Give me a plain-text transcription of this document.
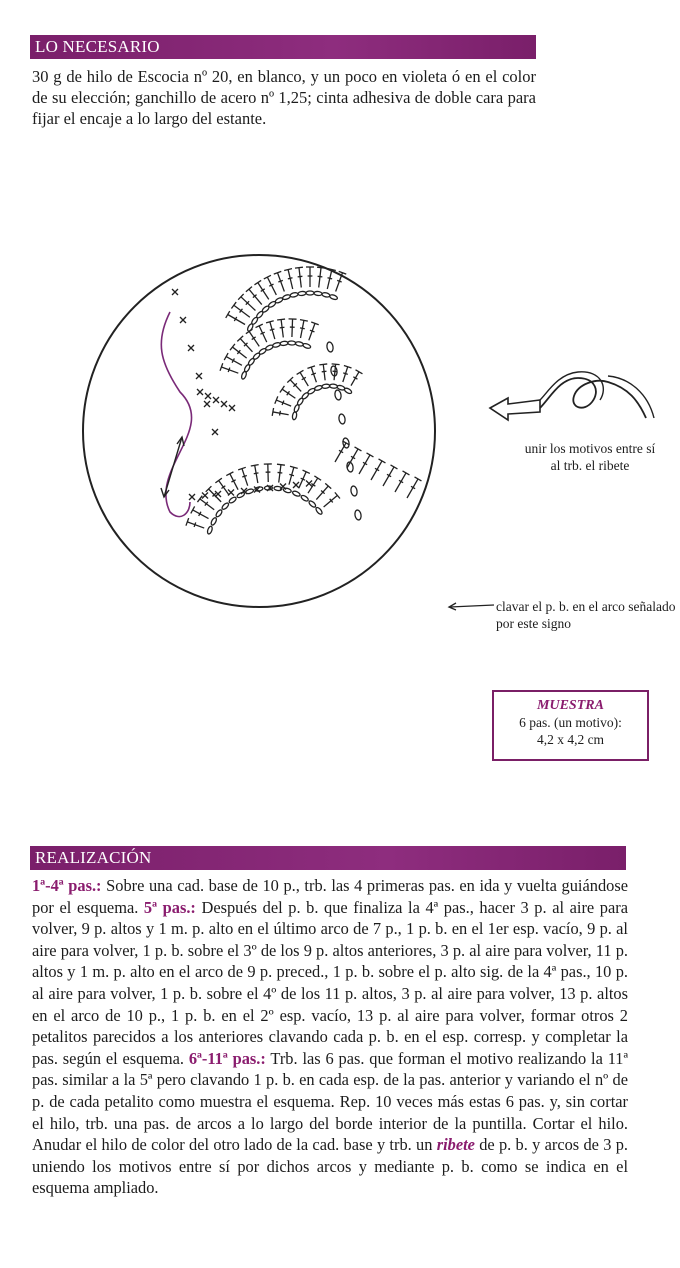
LO NECESARIO

30 g de hilo de Escocia nº 20, en blanco, y un poco en violeta ó en el color de su elección; ganchillo de acero nº 1,25; cinta adhesiva de doble cara para fijar el encaje a lo largo del estante.

unir los motivos entre sí al trb. el ribete
clavar el p. b. en el arco señalado por este signo
MUESTRA
6 pas. (un motivo):
4,2 x 4,2 cm
REALIZACIÓN

1ª-4ª pas.: Sobre una cad. base de 10 p., trb. las 4 primeras pas. en ida y vuelta guiándose por el esquema. 5ª pas.: Después del p. b. que finaliza la 4ª pas., hacer 3 p. al aire para volver, 9 p. altos y 1 m. p. alto en el último arco de 7 p., 1 p. b. en el 1er esp. vacío, 9 p. al aire para volver, 1 p. b. sobre el 3º de los 9 p. altos anteriores, 3 p. al aire para volver, 11 p. altos y 1 m. p. alto en el arco de 9 p. preced., 1 p. b. sobre el p. alto sig. de la 4ª pas., 10 p. al aire para volver, 1 p. b. sobre el 4º de los 11 p. altos, 3 p. al aire para volver, 13 p. altos en el arco de 10 p., 1 p. b. en el 2º esp. vacío, 13 p. al aire para volver, formar otros 2 petalitos parecidos a los anteriores clavando cada p. b. en el esp. corresp. y completar la pas. según el esquema. 6ª-11ª pas.: Trb. las 6 pas. que forman el motivo realizando la 11ª pas. similar a la 5ª pero clavando 1 p. b. en cada esp. de la pas. anterior y variando el nº de p. de cada petalito como muestra el esquema. Rep. 10 veces más estas 6 pas. y, sin cortar el hilo, trb. una pas. de arcos a lo largo del borde interior de la puntilla. Cortar el hilo. Anudar el hilo de color del otro lado de la cad. base y trb. un ribete de p. b. y arcos de 3 p. uniendo los motivos entre sí por dichos arcos y mediante p. b. como se indica en el esquema ampliado.
